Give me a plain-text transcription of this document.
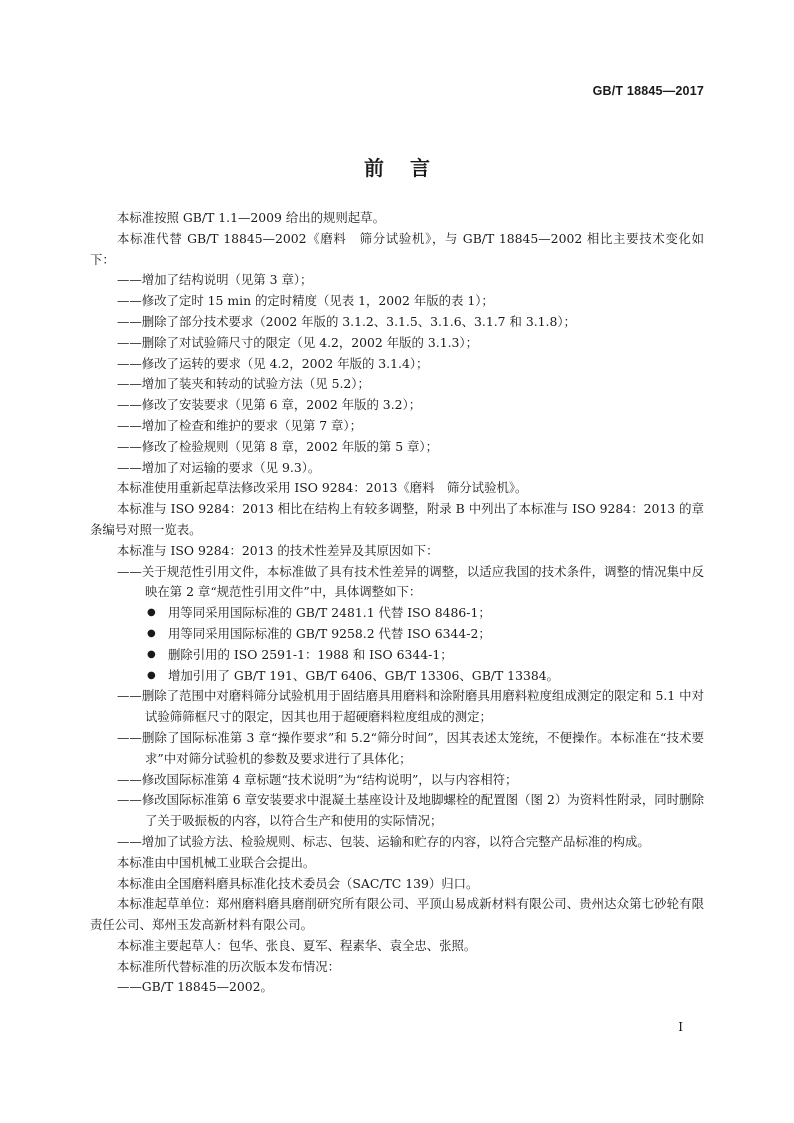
GB/T 18845—2017
前言

本标准按照 GB/T 1.1—2009 给出的规则起草。

本标准代替 GB/T 18845—2002《磨料　筛分试验机》，与 GB/T 18845—2002 相比主要技术变化如下：

——增加了结构说明（见第 3 章）；

——修改了定时 15 min 的定时精度（见表 1，2002 年版的表 1）；

——删除了部分技术要求（2002 年版的 3.1.2、3.1.5、3.1.6、3.1.7 和 3.1.8）；

——删除了对试验筛尺寸的限定（见 4.2，2002 年版的 3.1.3）；

——修改了运转的要求（见 4.2，2002 年版的 3.1.4）；

——增加了装夹和转动的试验方法（见 5.2）；

——修改了安装要求（见第 6 章，2002 年版的 3.2）；

——增加了检查和维护的要求（见第 7 章）；

——修改了检验规则（见第 8 章，2002 年版的第 5 章）；

——增加了对运输的要求（见 9.3）。

本标准使用重新起草法修改采用 ISO 9284：2013《磨料　筛分试验机》。

本标准与 ISO 9284：2013 相比在结构上有较多调整，附录 B 中列出了本标准与 ISO 9284：2013 的章条编号对照一览表。

本标准与 ISO 9284：2013 的技术性差异及其原因如下：

——关于规范性引用文件，本标准做了具有技术性差异的调整，以适应我国的技术条件，调整的情况集中反映在第 2 章“规范性引用文件”中，具体调整如下：

● 用等同采用国际标准的 GB/T 2481.1 代替 ISO 8486-1；

● 用等同采用国际标准的 GB/T 9258.2 代替 ISO 6344-2；

● 删除引用的 ISO 2591-1：1988 和 ISO 6344-1；

● 增加引用了 GB/T 191、GB/T 6406、GB/T 13306、GB/T 13384。

——删除了范围中对磨料筛分试验机用于固结磨具用磨料和涂附磨具用磨料粒度组成测定的限定和 5.1 中对试验筛筛框尺寸的限定，因其也用于超硬磨料粒度组成的测定；

——删除了国际标准第 3 章“操作要求”和 5.2“筛分时间”，因其表述太笼统，不便操作。本标准在“技术要求”中对筛分试验机的参数及要求进行了具体化；

——修改国际标准第 4 章标题“技术说明”为“结构说明”，以与内容相符；

——修改国际标准第 6 章安装要求中混凝土基座设计及地脚螺栓的配置图（图 2）为资料性附录，同时删除了关于吸振板的内容，以符合生产和使用的实际情况；

——增加了试验方法、检验规则、标志、包装、运输和贮存的内容，以符合完整产品标准的构成。

本标准由中国机械工业联合会提出。

本标准由全国磨料磨具标准化技术委员会（SAC/TC 139）归口。

本标准起草单位：郑州磨料磨具磨削研究所有限公司、平顶山易成新材料有限公司、贵州达众第七砂轮有限责任公司、郑州玉发高新材料有限公司。

本标准主要起草人：包华、张良、夏军、程素华、袁全忠、张照。

本标准所代替标准的历次版本发布情况：

——GB/T 18845—2002。

I
